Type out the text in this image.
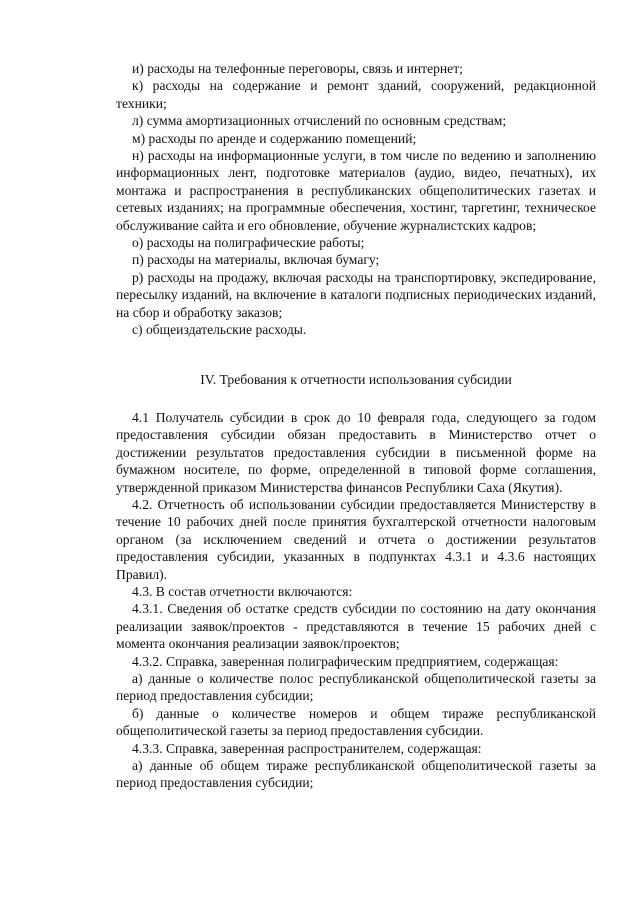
и) расходы на телефонные переговоры, связь и интернет;

к) расходы на содержание и ремонт зданий, сооружений, редакционной техники;

л) сумма амортизационных отчислений по основным средствам;

м) расходы по аренде и содержанию помещений;

н) расходы на информационные услуги, в том числе по ведению и заполнению информационных лент, подготовке материалов (аудио, видео, печатных), их монтажа и распространения в республиканских общеполитических газетах и сетевых изданиях; на программные обеспечения, хостинг, таргетинг, техническое обслуживание сайта и его обновление, обучение журналистских кадров;

о) расходы на полиграфические работы;

п) расходы на материалы, включая бумагу;

р) расходы на продажу, включая расходы на транспортировку, экспедирование, пересылку изданий, на включение в каталоги подписных периодических изданий, на сбор и обработку заказов;

с) общеиздательские расходы.

IV. Требования к отчетности использования субсидии

4.1 Получатель субсидии в срок до 10 февраля года, следующего за годом предоставления субсидии обязан предоставить в Министерство отчет о достижении результатов предоставления субсидии в письменной форме на бумажном носителе, по форме, определенной в типовой форме соглашения, утвержденной приказом Министерства финансов Республики Саха (Якутия).

4.2. Отчетность об использовании субсидии предоставляется Министерству в течение 10 рабочих дней после принятия бухгалтерской отчетности налоговым органом (за исключением сведений и отчета о достижении результатов предоставления субсидии, указанных в подпунктах 4.3.1 и 4.3.6 настоящих Правил).

4.3. В состав отчетности включаются:

4.3.1. Сведения об остатке средств субсидии по состоянию на дату окончания реализации заявок/проектов - представляются в течение 15 рабочих дней с момента окончания реализации заявок/проектов;

4.3.2. Справка, заверенная полиграфическим предприятием, содержащая:

а) данные о количестве полос республиканской общеполитической газеты за период предоставления субсидии;

б) данные о количестве номеров и общем тираже республиканской общеполитической газеты за период предоставления субсидии.

4.3.3. Справка, заверенная распространителем, содержащая:

а) данные об общем тираже республиканской общеполитической газеты за период предоставления субсидии;
